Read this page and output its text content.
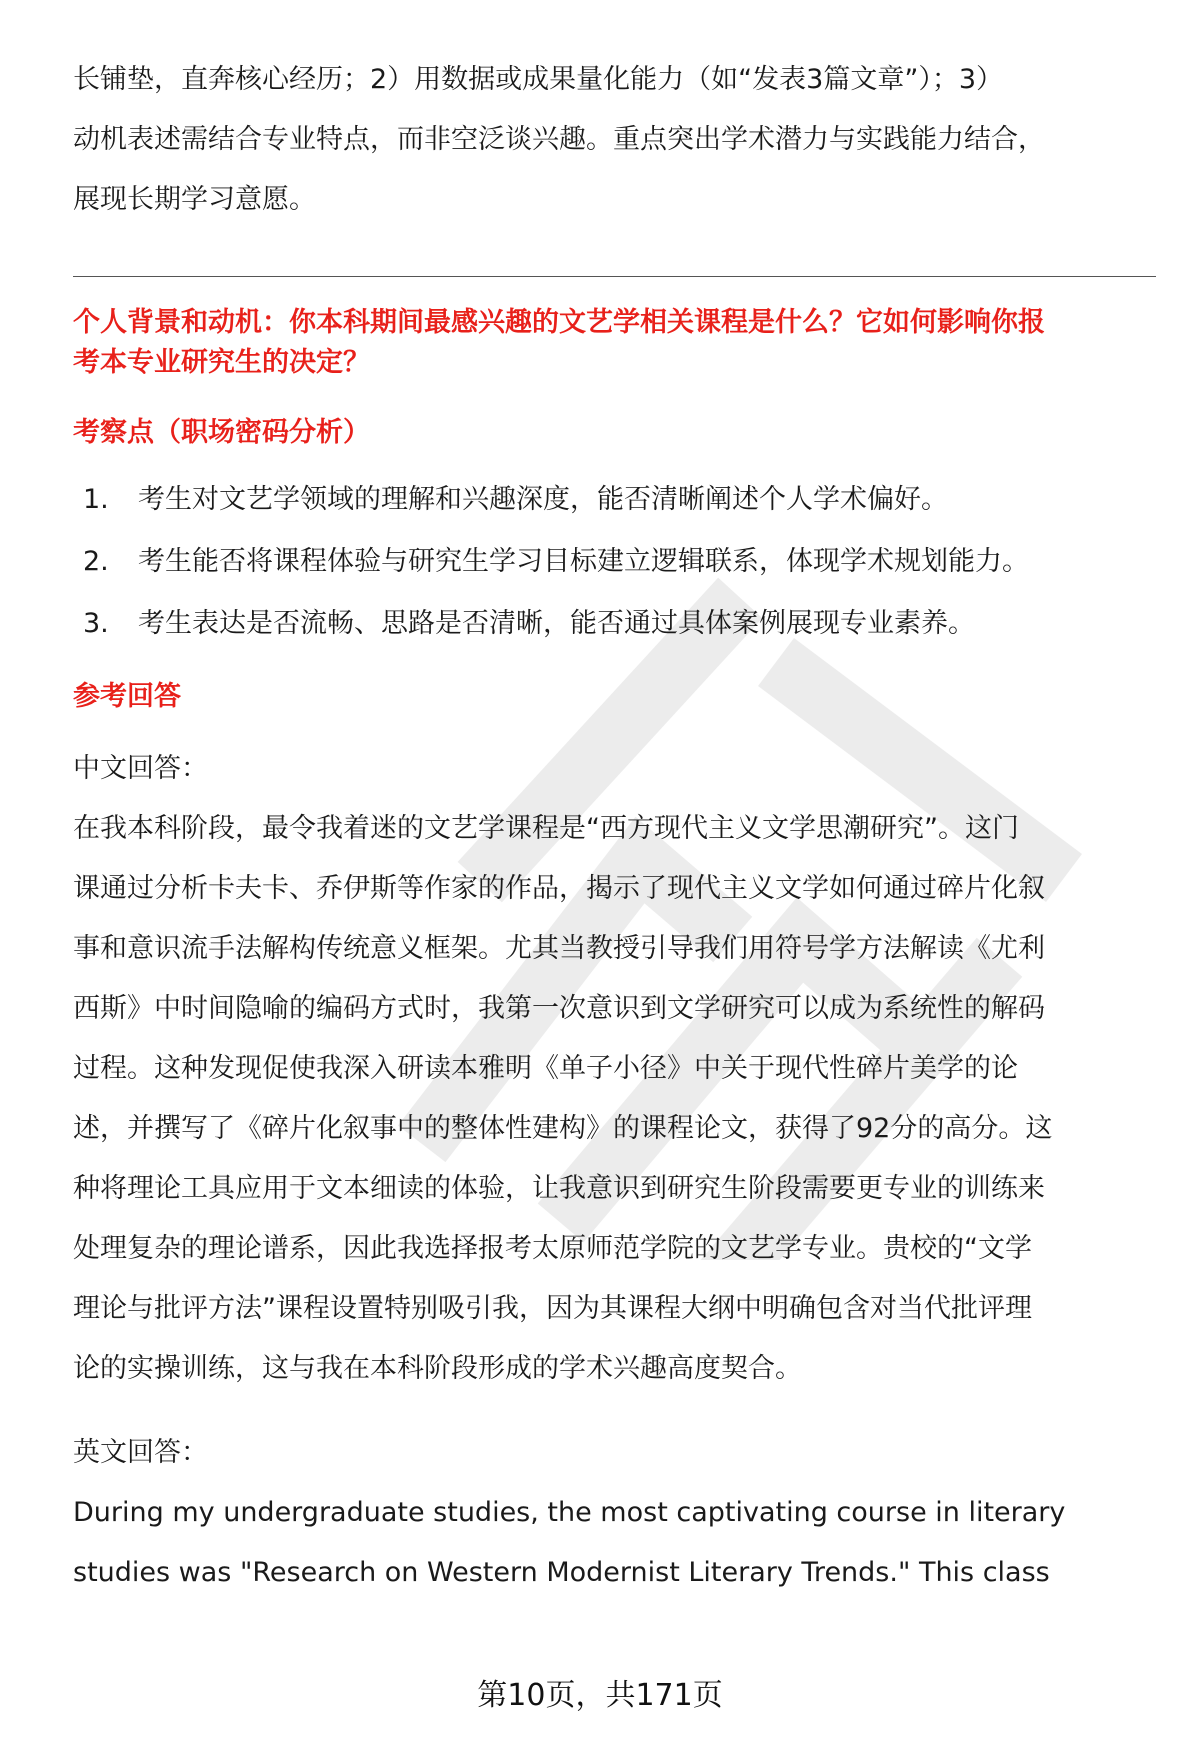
长铺垫，直奔核心经历；2）用数据或成果量化能力（如“发表3篇文章”）；3）

动机表述需结合专业特点，而非空泛谈兴趣。重点突出学术潜力与实践能力结合，

展现长期学习意愿。

个人背景和动机：你本科期间最感兴趣的文艺学相关课程是什么？它如何影响你报

考本专业研究生的决定？

考察点（职场密码分析）

1.	考生对文艺学领域的理解和兴趣深度，能否清晰阐述个人学术偏好。
2.	考生能否将课程体验与研究生学习目标建立逻辑联系，体现学术规划能力。
3.	考生表达是否流畅、思路是否清晰，能否通过具体案例展现专业素养。

参考回答

中文回答：

在我本科阶段，最令我着迷的文艺学课程是“西方现代主义文学思潮研究”。这门

课通过分析卡夫卡、乔伊斯等作家的作品，揭示了现代主义文学如何通过碎片化叙

事和意识流手法解构传统意义框架。尤其当教授引导我们用符号学方法解读《尤利

西斯》中时间隐喻的编码方式时，我第一次意识到文学研究可以成为系统性的解码

过程。这种发现促使我深入研读本雅明《单子小径》中关于现代性碎片美学的论

述，并撰写了《碎片化叙事中的整体性建构》的课程论文，获得了92分的高分。这

种将理论工具应用于文本细读的体验，让我意识到研究生阶段需要更专业的训练来

处理复杂的理论谱系，因此我选择报考太原师范学院的文艺学专业。贵校的“文学

理论与批评方法”课程设置特别吸引我，因为其课程大纲中明确包含对当代批评理

论的实操训练，这与我在本科阶段形成的学术兴趣高度契合。

英文回答：

During my undergraduate studies, the most captivating course in literary

studies was "Research on Western Modernist Literary Trends." This class

第10页，共171页
